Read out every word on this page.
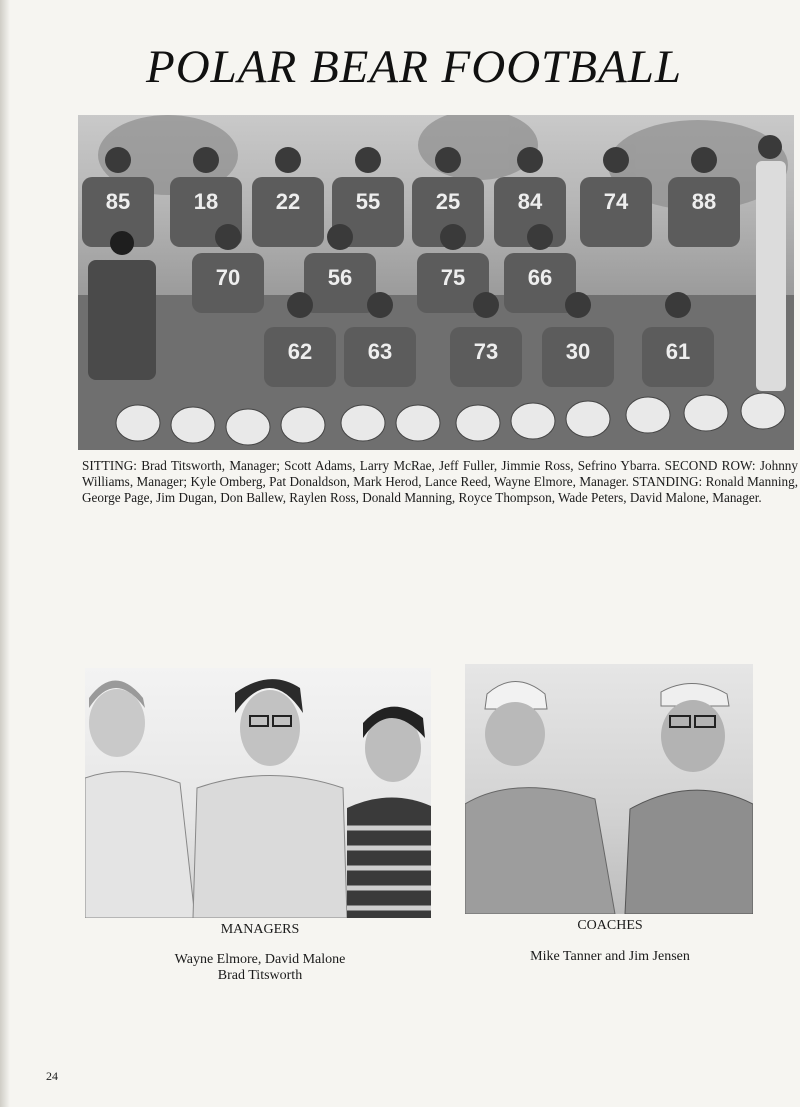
POLAR BEAR FOOTBALL
85	18	22	55	25	84	74	88
70	56	75	66
62	63	73	30	61
SITTING: Brad Titsworth, Manager; Scott Adams, Larry McRae, Jeff Fuller, Jimmie Ross, Sefrino Ybarra. SECOND ROW: Johnny Williams, Manager; Kyle Omberg, Pat Donaldson, Mark Herod, Lance Reed, Wayne Elmore, Manager. STANDING: Ronald Manning, George Page, Jim Dugan, Don Ballew, Raylen Ross, Donald Manning, Royce Thompson, Wade Peters, David Malone, Manager.
MANAGERS
Wayne Elmore, David Malone
Brad Titsworth
COACHES
Mike Tanner and Jim Jensen
24
